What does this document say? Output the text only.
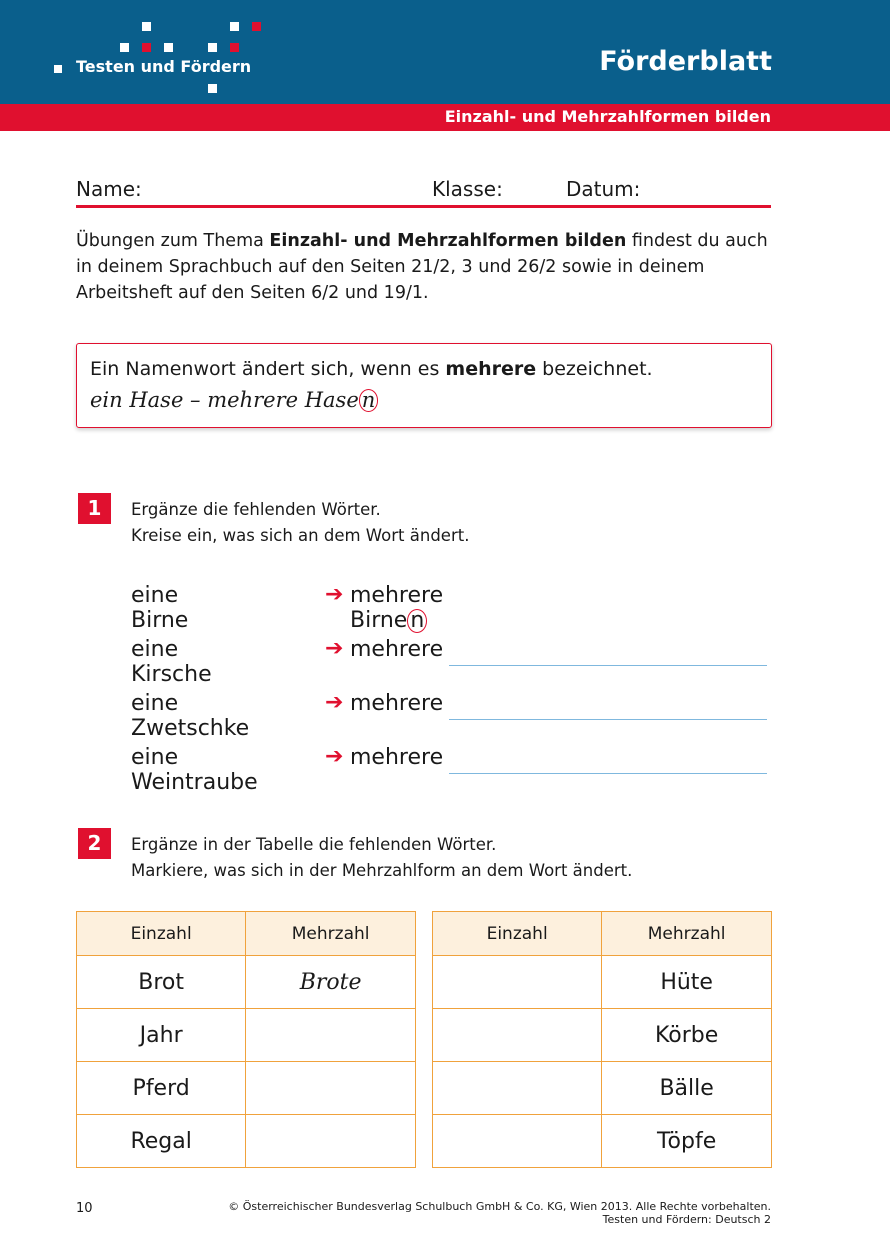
Testen und Fördern	Förderblatt
Einzahl- und Mehrzahlformen bilden
Name:	Klasse:	Datum:
Übungen zum Thema Einzahl- und Mehrzahlformen bilden findest du auch in deinem Sprachbuch auf den Seiten 21/2, 3 und 26/2 sowie in deinem Arbeitsheft auf den Seiten 6/2 und 19/1.
Ein Namenwort ändert sich, wenn es mehrere bezeichnet.
ein Hase – mehrere Hase n
1	Ergänze die fehlenden Wörter.
Kreise ein, was sich an dem Wort ändert.
eine Birne
➔ mehrere Birne n
eine Kirsche
➔ mehrere
eine Zwetschke
➔ mehrere
eine Weintraube
➔ mehrere
2	Ergänze in der Tabelle die fehlenden Wörter.
Markiere, was sich in der Mehrzahlform an dem Wort ändert.
Einzahl	Mehrzahl
Brot	Brote
Jahr	
Pferd	
Regal	
Einzahl	Mehrzahl
	Hüte
	Körbe
	Bälle
	Töpfe
10	© Österreichischer Bundesverlag Schulbuch GmbH & Co. KG, Wien 2013. Alle Rechte vorbehalten.
Testen und Fördern: Deutsch 2
